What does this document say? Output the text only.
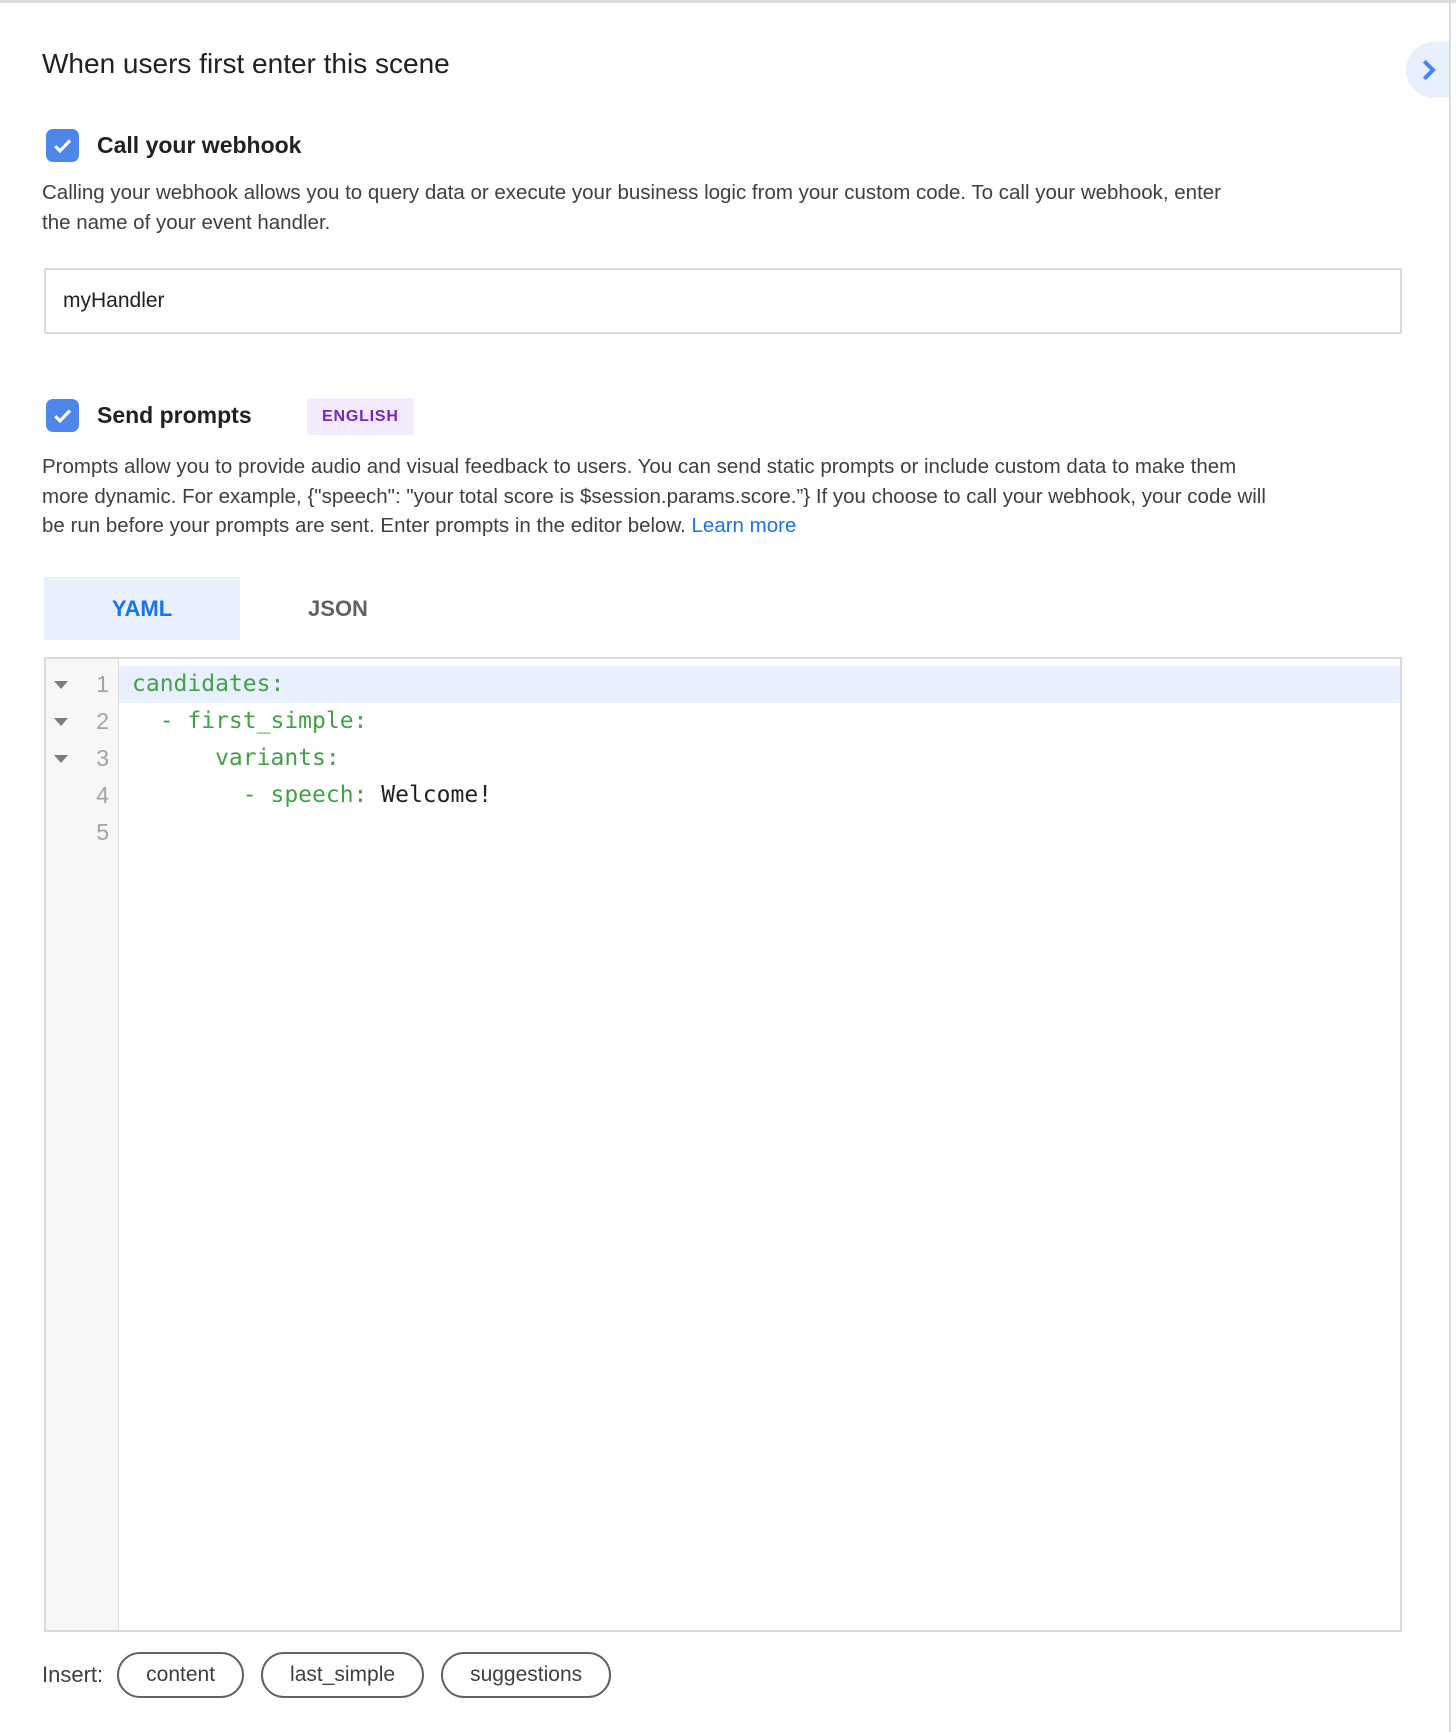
When users first enter this scene
Call your webhook

Calling your webhook allows you to query data or execute your business logic from your custom code. To call your webhook, enter the name of your event handler.

myHandler
Send prompts	ENGLISH

Prompts allow you to provide audio and visual feedback to users. You can send static prompts or include custom data to make them more dynamic. For example, {"speech": "your total score is $session.params.score.”} If you choose to call your webhook, your code will be run before your prompts are sent. Enter prompts in the editor below. Learn more

YAML	JSON
1
2
3
4
5
candidates:
- first_simple:
variants:
- speech: Welcome!
Insert:	content	last_simple	suggestions
